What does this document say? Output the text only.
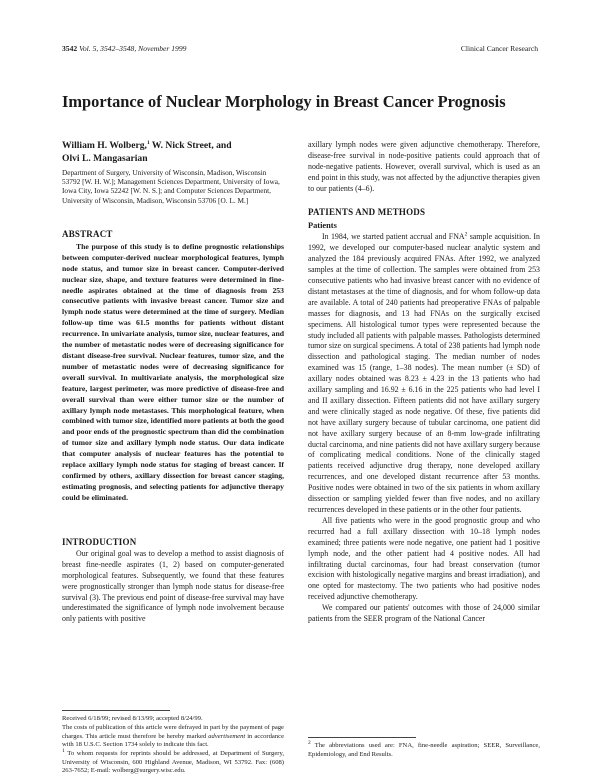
3542 Vol. 5, 3542–3548, November 1999	Clinical Cancer Research
Importance of Nuclear Morphology in Breast Cancer Prognosis
William H. Wolberg,$^1$ W. Nick Street, and
Olvi L. Mangasarian
Department of Surgery, University of Wisconsin, Madison, Wisconsin 53792 [W. H. W.]; Management Sciences Department, University of Iowa, Iowa City, Iowa 52242 [W. N. S.]; and Computer Sciences Department, University of Wisconsin, Madison, Wisconsin 53706 [O. L. M.]
ABSTRACT
The purpose of this study is to define prognostic relationships between computer-derived nuclear morphological features, lymph node status, and tumor size in breast cancer. Computer-derived nuclear size, shape, and texture features were determined in fine-needle aspirates obtained at the time of diagnosis from 253 consecutive patients with invasive breast cancer. Tumor size and lymph node status were determined at the time of surgery. Median follow-up time was 61.5 months for patients without distant recurrence. In univariate analysis, tumor size, nuclear features, and the number of metastatic nodes were of decreasing significance for distant disease-free survival. Nuclear features, tumor size, and the number of metastatic nodes were of decreasing significance for overall survival. In multivariate analysis, the morphological size feature, largest perimeter, was more predictive of disease-free and overall survival than were either tumor size or the number of axillary lymph node metastases. This morphological feature, when combined with tumor size, identified more patients at both the good and poor ends of the prognostic spectrum than did the combination of tumor size and axillary lymph node status. Our data indicate that computer analysis of nuclear features has the potential to replace axillary lymph node status for staging of breast cancer. If confirmed by others, axillary dissection for breast cancer staging, estimating prognosis, and selecting patients for adjunctive therapy could be eliminated.
INTRODUCTION
Our original goal was to develop a method to assist diagnosis of breast fine-needle aspirates (1, 2) based on computer-generated morphological features. Subsequently, we found that these features were prognostically stronger than lymph node status for disease-free survival (3). The previous end point of disease-free survival may have underestimated the significance of lymph node involvement because only patients with positive

Received 6/18/99; revised 8/13/99; accepted 8/24/99.

The costs of publication of this article were defrayed in part by the payment of page charges. This article must therefore be hereby marked advertisement in accordance with 18 U.S.C. Section 1734 solely to indicate this fact.

$^1$ To whom requests for reprints should be addressed, at Department of Surgery, University of Wisconsin, 600 Highland Avenue, Madison, WI 53792. Fax: (608) 263-7652; E-mail: wolberg@surgery.wisc.edu.

axillary lymph nodes were given adjunctive chemotherapy. Therefore, disease-free survival in node-positive patients could approach that of node-negative patients. However, overall survival, which is used as an end point in this study, was not affected by the adjunctive therapies given to our patients (4–6).
PATIENTS AND METHODS
Patients
In 1984, we started patient accrual and FNA$^2$ sample acquisition. In 1992, we developed our computer-based nuclear analytic system and analyzed the 184 previously acquired FNAs. After 1992, we analyzed samples at the time of collection. The samples were obtained from 253 consecutive patients who had invasive breast cancer with no evidence of distant metastases at the time of diagnosis, and for whom follow-up data are available. A total of 240 patients had preoperative FNAs of palpable masses for diagnosis, and 13 had FNAs on the surgically excised specimens. All histological tumor types were represented because the study included all patients with palpable masses. Pathologists determined tumor size on surgical specimens. A total of 238 patients had lymph node dissection and pathological staging. The median number of nodes examined was 15 (range, 1–38 nodes). The mean number (± SD) of axillary nodes obtained was 8.23 ± 4.23 in the 13 patients who had axillary sampling and 16.92 ± 6.16 in the 225 patients who had level I and II axillary dissection. Fifteen patients did not have axillary surgery and were clinically staged as node negative. Of these, five patients did not have axillary surgery because of tubular carcinoma, one patient did not have axillary surgery because of an 8-mm low-grade infiltrating ductal carcinoma, and nine patients did not have axillary surgery because of complicating medical conditions. None of the clinically staged patients received adjunctive drug therapy, none developed axillary recurrences, and one developed distant recurrence after 53 months. Positive nodes were obtained in two of the six patients in whom axillary dissection or sampling yielded fewer than five nodes, and no axillary recurrences developed in these patients or in the other four patients.
All five patients who were in the good prognostic group and who recurred had a full axillary dissection with 10–18 lymph nodes examined; three patients were node negative, one patient had 1 positive lymph node, and the other patient had 4 positive nodes. All had infiltrating ductal carcinomas, four had breast conservation (tumor excision with histologically negative margins and breast irradiation), and one opted for mastectomy. The two patients who had positive nodes received adjunctive chemotherapy.
We compared our patients' outcomes with those of 24,000 similar patients from the SEER program of the National Cancer

$^2$ The abbreviations used are: FNA, fine-needle aspiration; SEER, Surveillance, Epidemiology, and End Results.
